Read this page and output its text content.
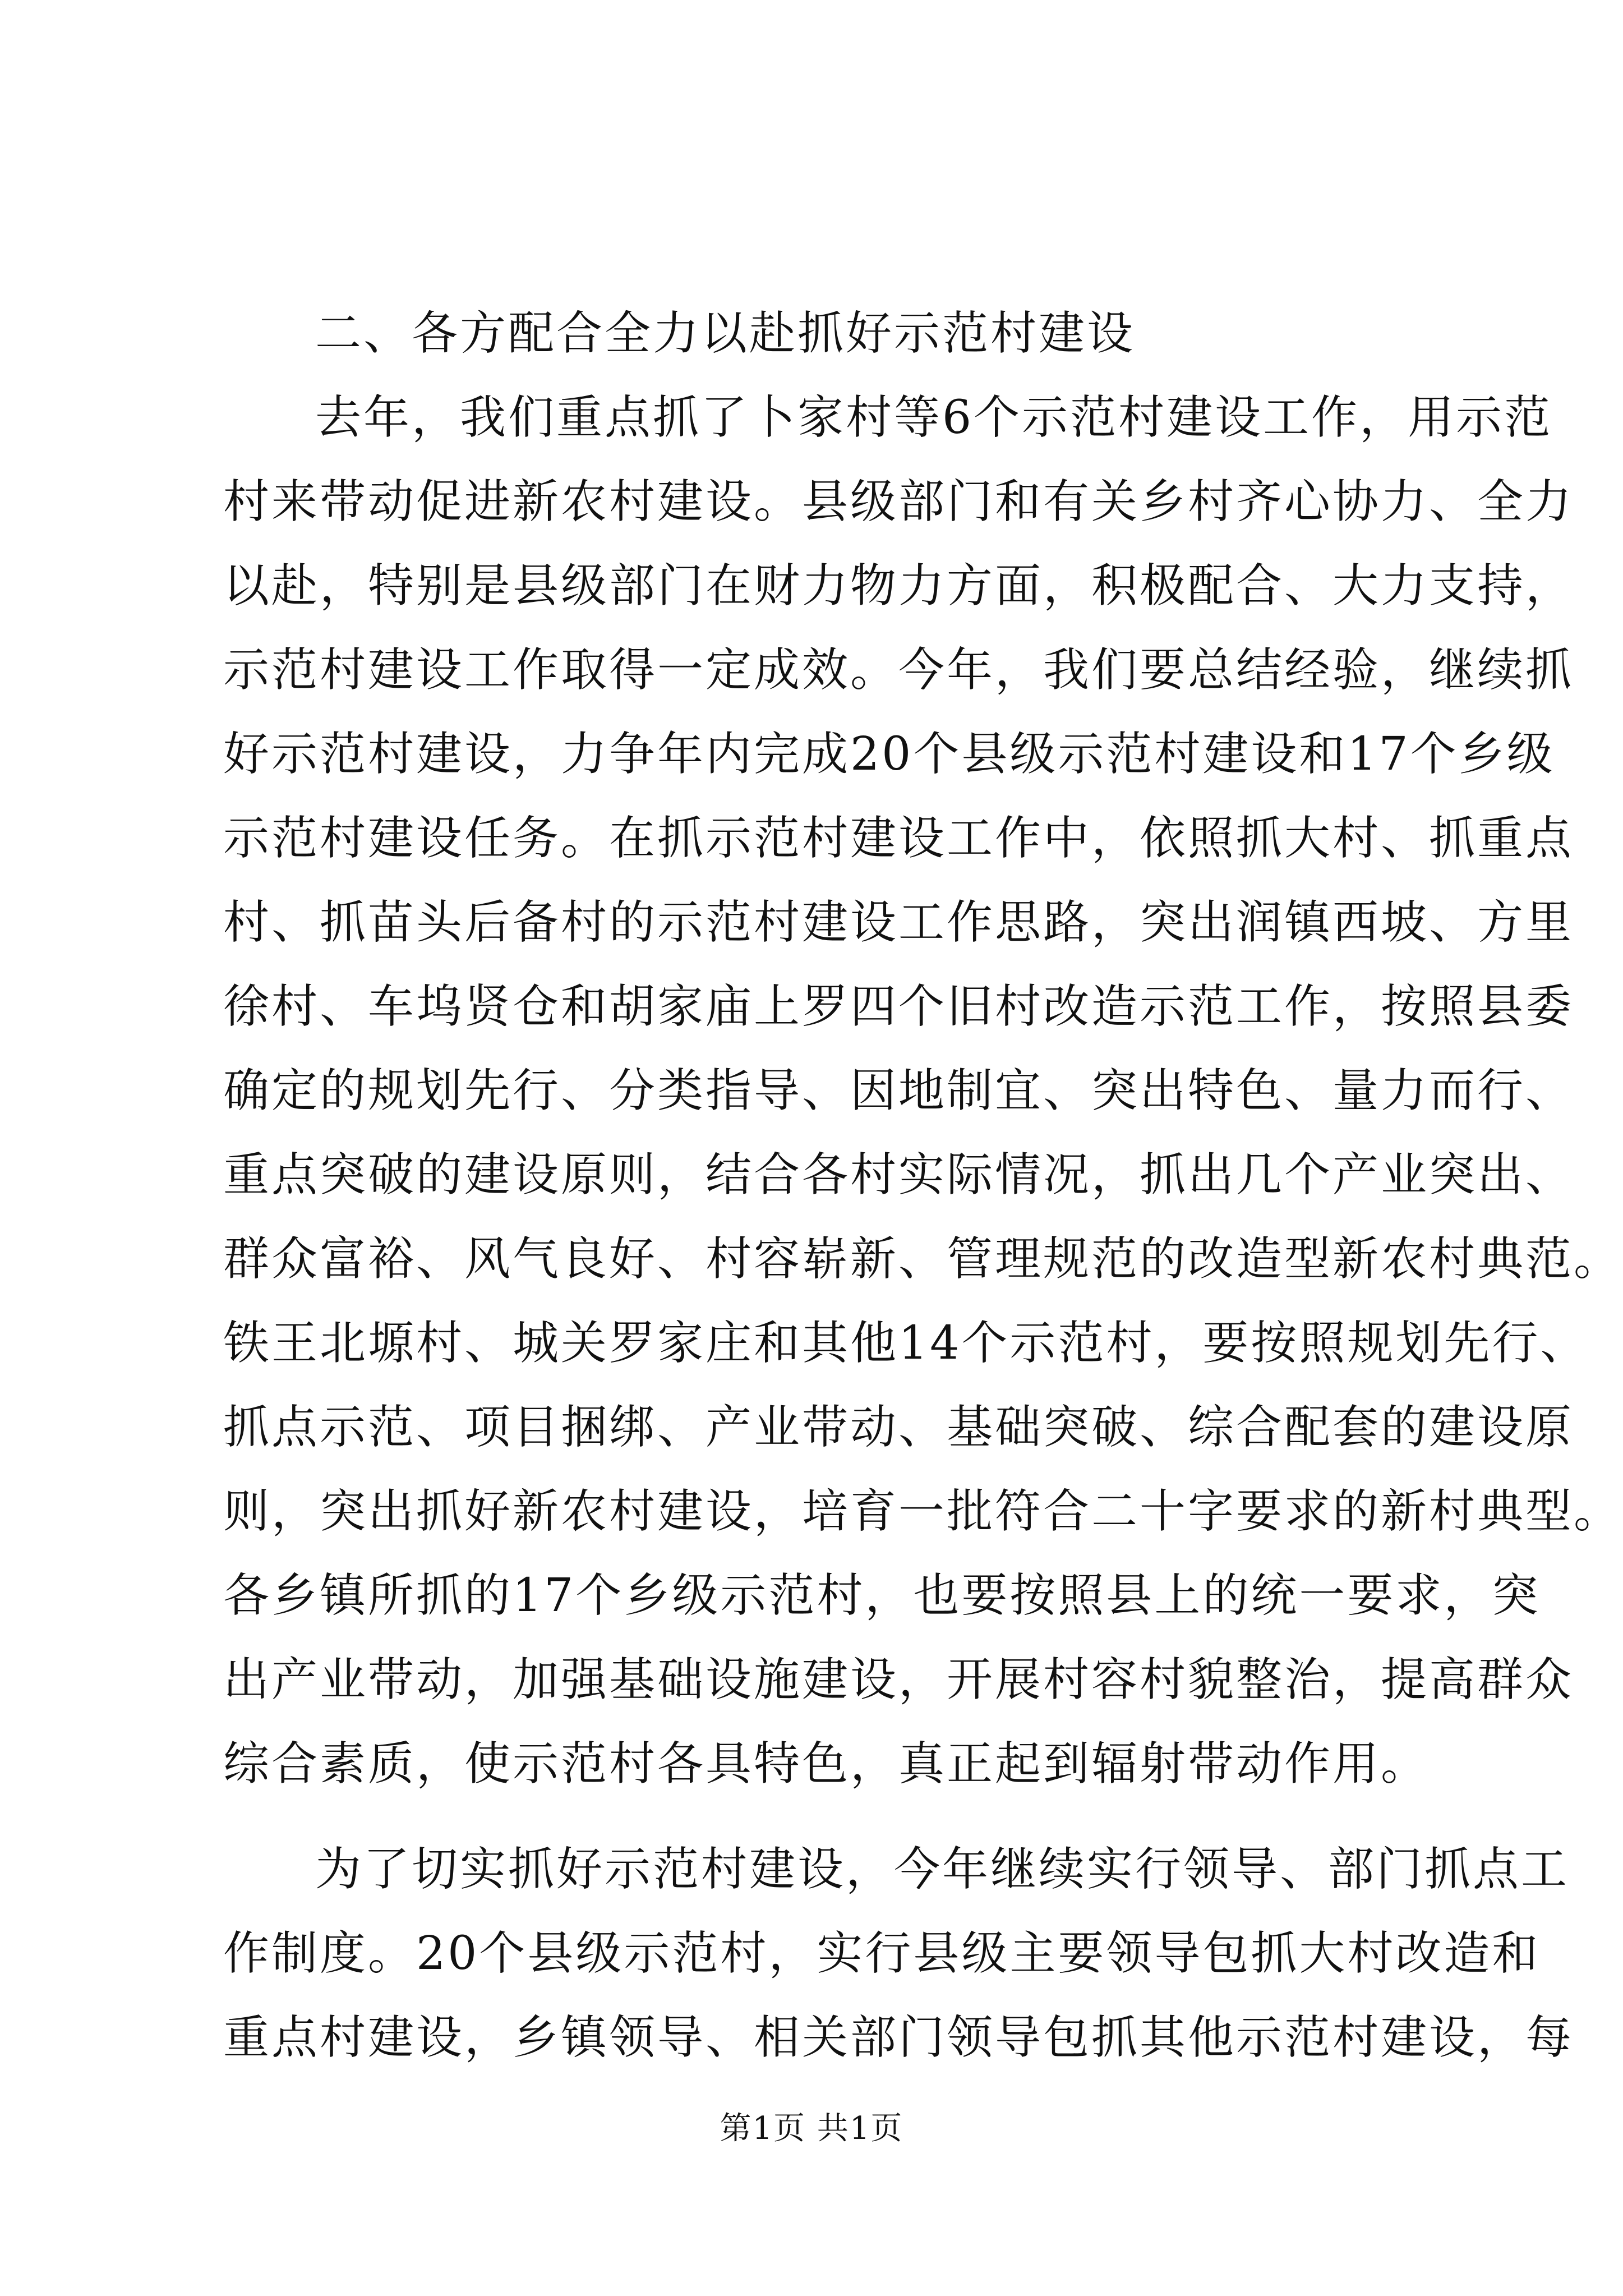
二、各方配合全力以赴抓好示范村建设
去年，我们重点抓了卜家村等6个示范村建设工作，用示范
村来带动促进新农村建设。县级部门和有关乡村齐心协力、全力
以赴，特别是县级部门在财力物力方面，积极配合、大力支持，
示范村建设工作取得一定成效。今年，我们要总结经验，继续抓
好示范村建设，力争年内完成20个县级示范村建设和17个乡级
示范村建设任务。在抓示范村建设工作中，依照抓大村、抓重点
村、抓苗头后备村的示范村建设工作思路，突出润镇西坡、方里
徐村、车坞贤仓和胡家庙上罗四个旧村改造示范工作，按照县委
确定的规划先行、分类指导、因地制宜、突出特色、量力而行、
重点突破的建设原则，结合各村实际情况，抓出几个产业突出、
群众富裕、风气良好、村容崭新、管理规范的改造型新农村典范。
铁王北塬村、城关罗家庄和其他14个示范村，要按照规划先行、
抓点示范、项目捆绑、产业带动、基础突破、综合配套的建设原
则，突出抓好新农村建设，培育一批符合二十字要求的新村典型。
各乡镇所抓的17个乡级示范村，也要按照县上的统一要求，突
出产业带动，加强基础设施建设，开展村容村貌整治，提高群众
综合素质，使示范村各具特色，真正起到辐射带动作用。
为了切实抓好示范村建设，今年继续实行领导、部门抓点工
作制度。20个县级示范村，实行县级主要领导包抓大村改造和
重点村建设，乡镇领导、相关部门领导包抓其他示范村建设，每
第1页 共1页
